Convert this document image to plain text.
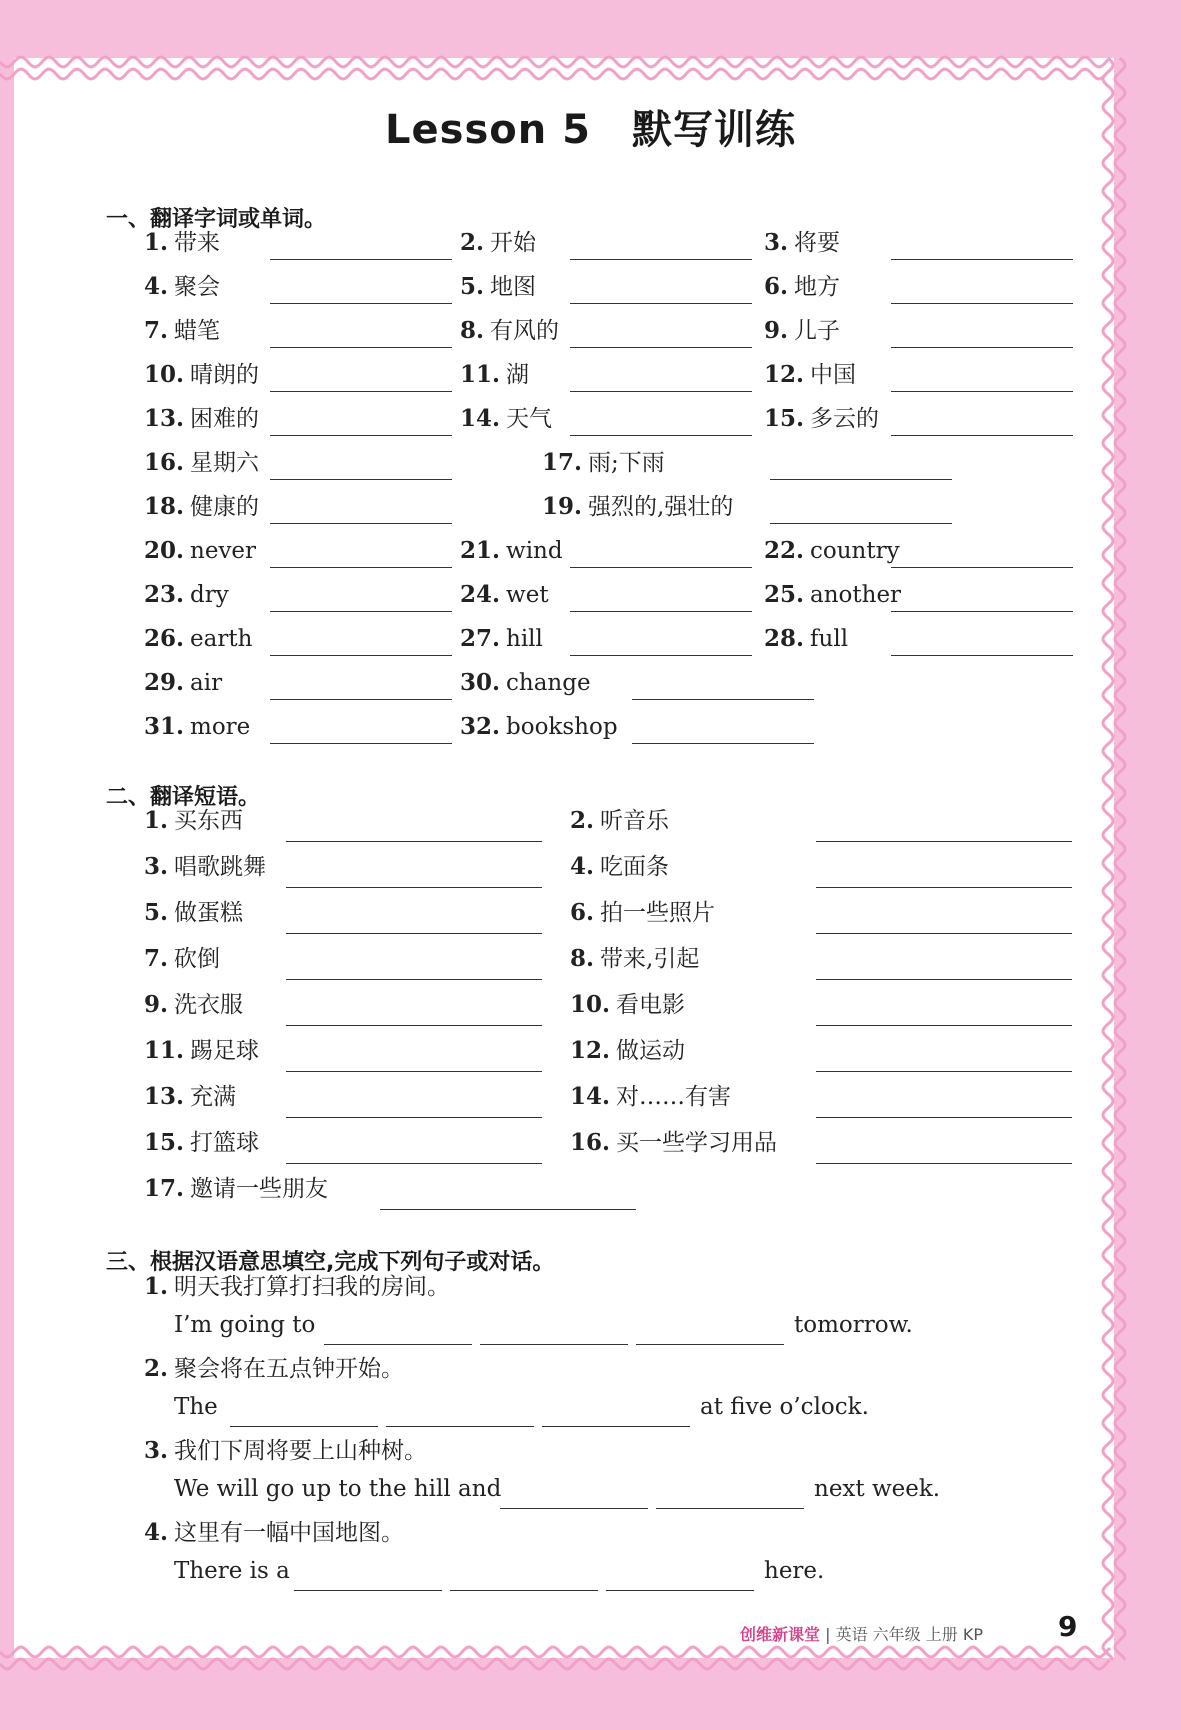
Lesson 5　默写训练
一、翻译字词或单词。
1. 带来	2. 开始	3. 将要
4. 聚会	5. 地图	6. 地方
7. 蜡笔	8. 有风的	9. 儿子
10. 晴朗的	11. 湖	12. 中国
13. 困难的	14. 天气	15. 多云的
16. 星期六	17. 雨;下雨
18. 健康的	19. 强烈的,强壮的
20. never	21. wind	22. country
23. dry	24. wet	25. another
26. earth	27. hill	28. full
29. air	30. change
31. more	32. bookshop
二、翻译短语。
1. 买东西	2. 听音乐
3. 唱歌跳舞	4. 吃面条
5. 做蛋糕	6. 拍一些照片
7. 砍倒	8. 带来,引起
9. 洗衣服	10. 看电影
11. 踢足球	12. 做运动
13. 充满	14. 对……有害
15. 打篮球	16. 买一些学习用品
17. 邀请一些朋友
三、根据汉语意思填空,完成下列句子或对话。
1. 明天我打算打扫我的房间。
I’m going to	tomorrow.
2. 聚会将在五点钟开始。
The	at five o’clock.
3. 我们下周将要上山种树。
We will go up to the hill and	next week.
4. 这里有一幅中国地图。
There is a	here.
创维新课堂 | 英语 六年级 上册 KP	9
